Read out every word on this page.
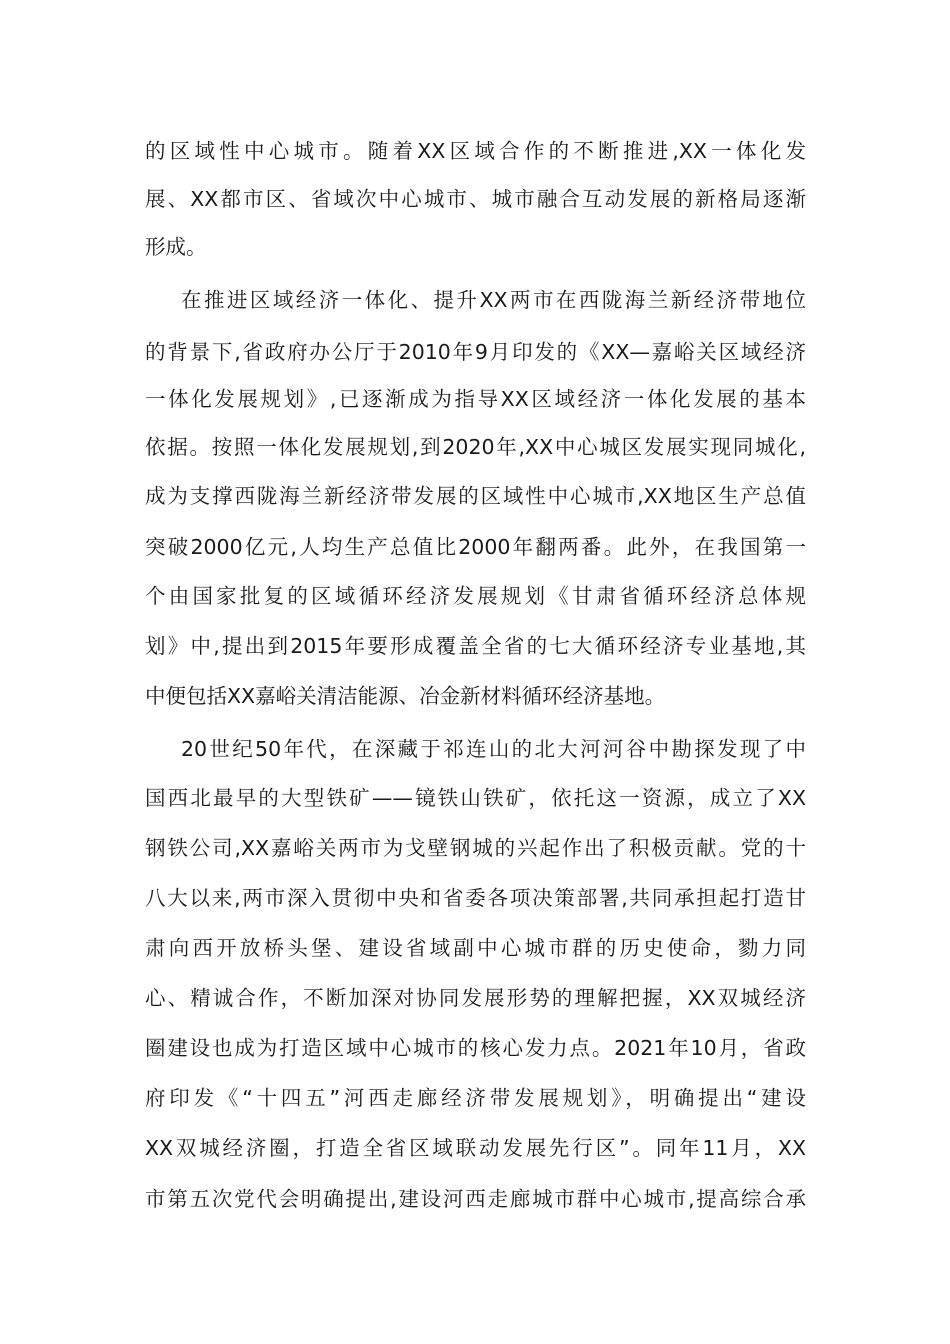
的区域性中心城市。随着XX区域合作的不断推进,XX一体化发
展、XX都市区、省域次中心城市、城市融合互动发展的新格局逐渐
形成。
在推进区域经济一体化、提升XX两市在西陇海兰新经济带地位
的背景下,省政府办公厅于2010年9月印发的《XX—嘉峪关区域经济
一体化发展规划》,已逐渐成为指导XX区域经济一体化发展的基本
依据。按照一体化发展规划,到2020年,XX中心城区发展实现同城化,
成为支撑西陇海兰新经济带发展的区域性中心城市,XX地区生产总值
突破2000亿元,人均生产总值比2000年翻两番。此外，在我国第一
个由国家批复的区域循环经济发展规划《甘肃省循环经济总体规
划》中,提出到2015年要形成覆盖全省的七大循环经济专业基地,其
中便包括XX嘉峪关清洁能源、冶金新材料循环经济基地。
20世纪50年代，在深藏于祁连山的北大河河谷中勘探发现了中
国西北最早的大型铁矿——镜铁山铁矿，依托这一资源，成立了XX
钢铁公司,XX嘉峪关两市为戈壁钢城的兴起作出了积极贡献。党的十
八大以来,两市深入贯彻中央和省委各项决策部署,共同承担起打造甘
肃向西开放桥头堡、建设省域副中心城市群的历史使命，勠力同
心、精诚合作，不断加深对协同发展形势的理解把握，XX双城经济
圈建设也成为打造区域中心城市的核心发力点。2021年10月，省政
府印发《“十四五”河西走廊经济带发展规划》，明确提出“建设
XX双城经济圈，打造全省区域联动发展先行区”。同年11月，XX
市第五次党代会明确提出,建设河西走廊城市群中心城市,提高综合承
